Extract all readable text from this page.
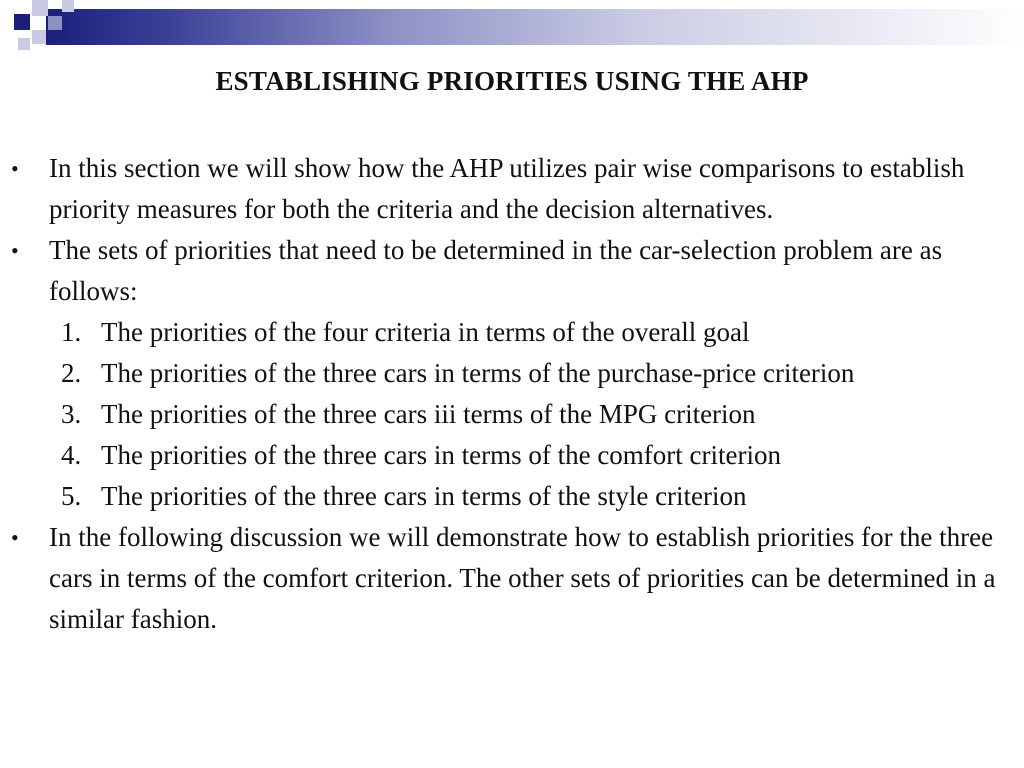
ESTABLISHING PRIORITIES USING THE AHP
• In this section we will show how the AHP utilizes pair wise comparisons to establish priority measures for both the criteria and the decision alternatives.
• The sets of priorities that need to be determined in the car-selection problem are as follows:
1. The priorities of the four criteria in terms of the overall goal
2. The priorities of the three cars in terms of the purchase-price criterion
3. The priorities of the three cars iii terms of the MPG criterion
4. The priorities of the three cars in terms of the comfort criterion
5. The priorities of the three cars in terms of the style criterion
• In the following discussion we will demonstrate how to establish priorities for the three cars in terms of the comfort criterion. The other sets of priorities can be determined in a similar fashion.
